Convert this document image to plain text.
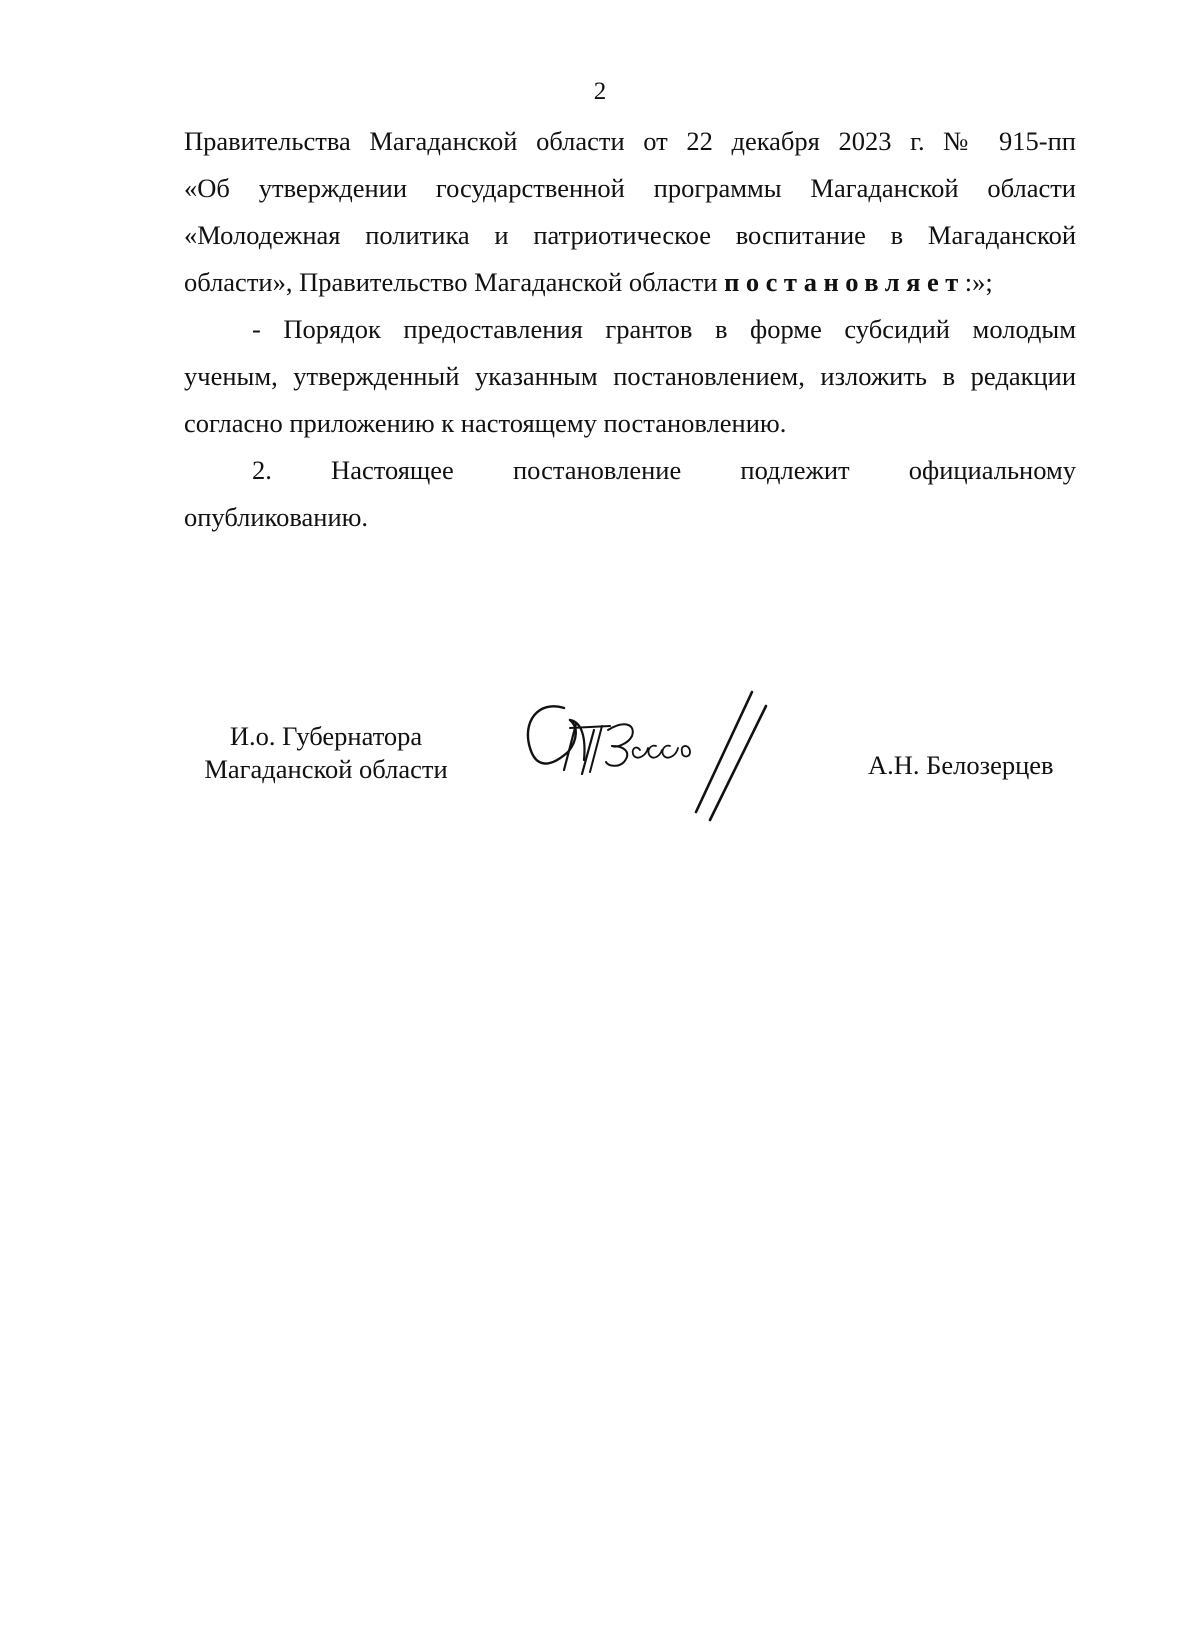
2
Правительства Магаданской области от 22 декабря 2023 г. № 915-пп
«Об утверждении государственной программы Магаданской области
«Молодежная политика и патриотическое воспитание в Магаданской
области», Правительство Магаданской области постановляет:»;
- Порядок предоставления грантов в форме субсидий молодым
ученым, утвержденный указанным постановлением, изложить в редакции
согласно приложению к настоящему постановлению.
2. Настоящее постановление подлежит официальному
опубликованию.
И.о. Губернатора
Магаданской области	А.Н. Белозерцев
